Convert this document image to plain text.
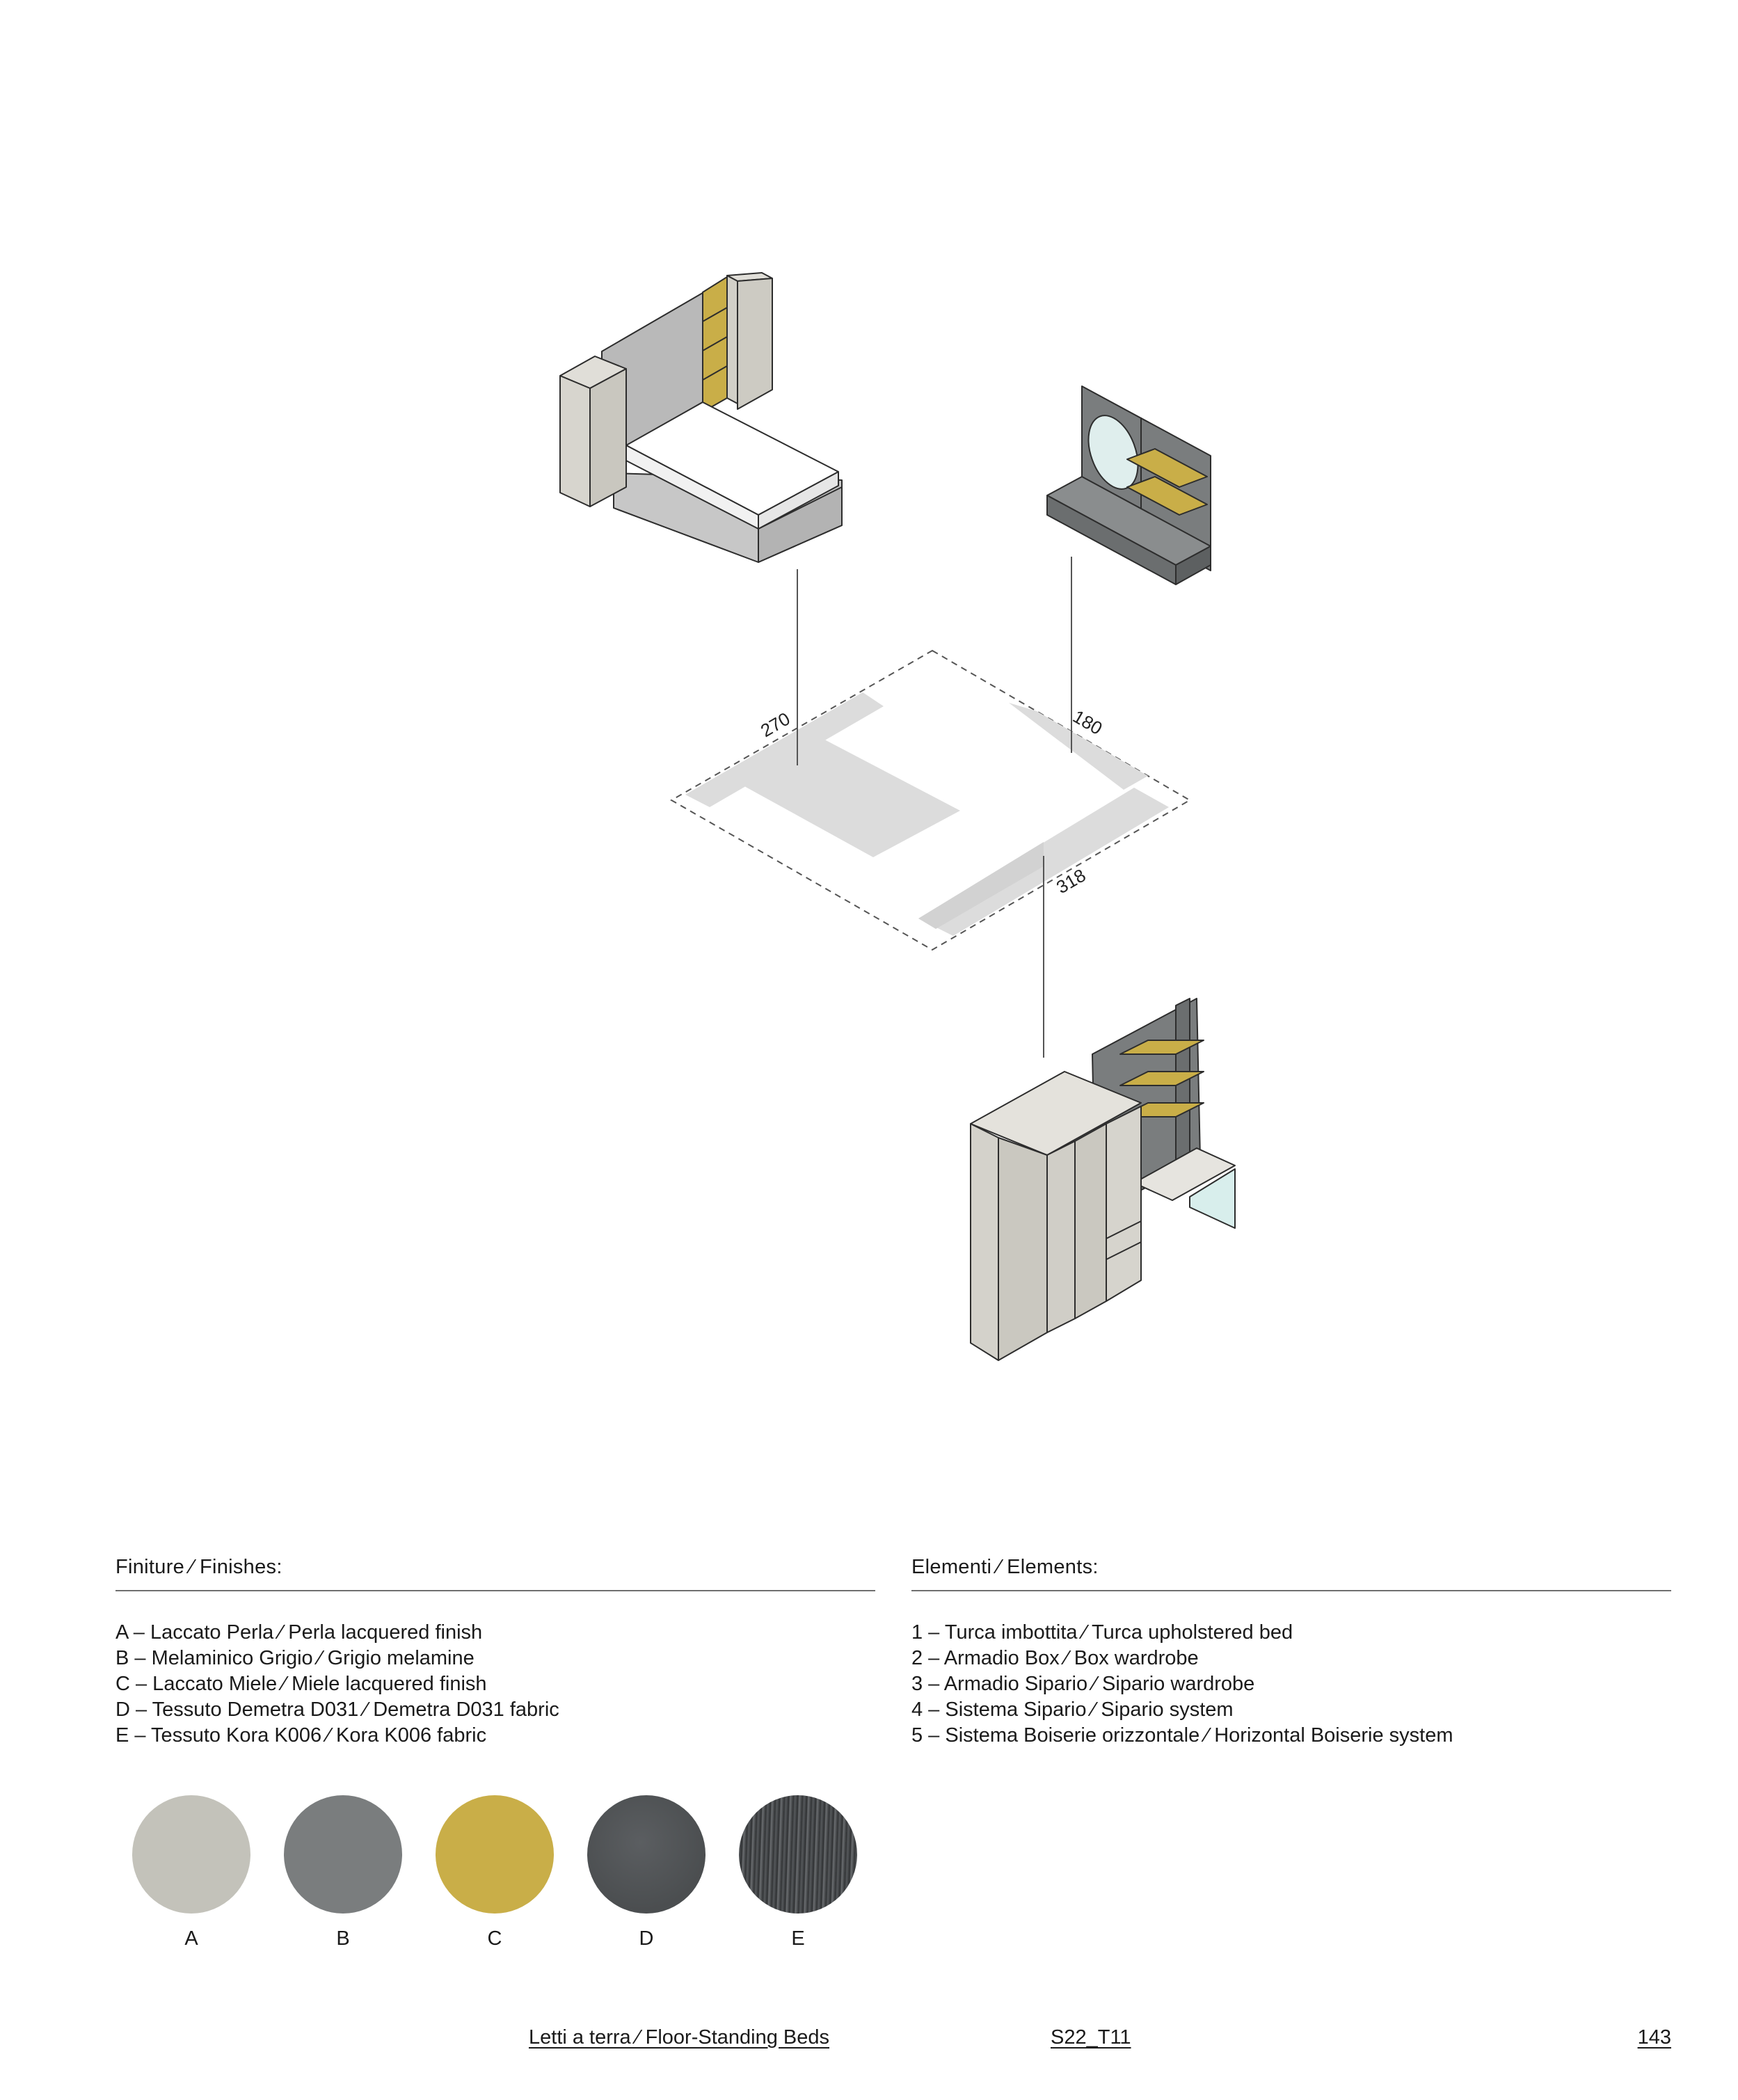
270	180
318
Finiture ⁄ Finishes:
A – Laccato Perla ⁄ Perla lacquered finish
B – Melaminico Grigio ⁄ Grigio melamine
C – Laccato Miele ⁄ Miele lacquered finish
D – Tessuto Demetra D031 ⁄ Demetra D031 fabric
E – Tessuto Kora K006 ⁄ Kora K006 fabric
Elementi ⁄ Elements:
1 – Turca imbottita ⁄ Turca upholstered bed
2 – Armadio Box ⁄ Box wardrobe
3 – Armadio Sipario ⁄ Sipario wardrobe
4 – Sistema Sipario ⁄ Sipario system
5 – Sistema Boiserie orizzontale ⁄ Horizontal Boiserie system
A	B	C	D	E
Letti a terra ⁄ Floor-Standing Beds	S22_T11	143
